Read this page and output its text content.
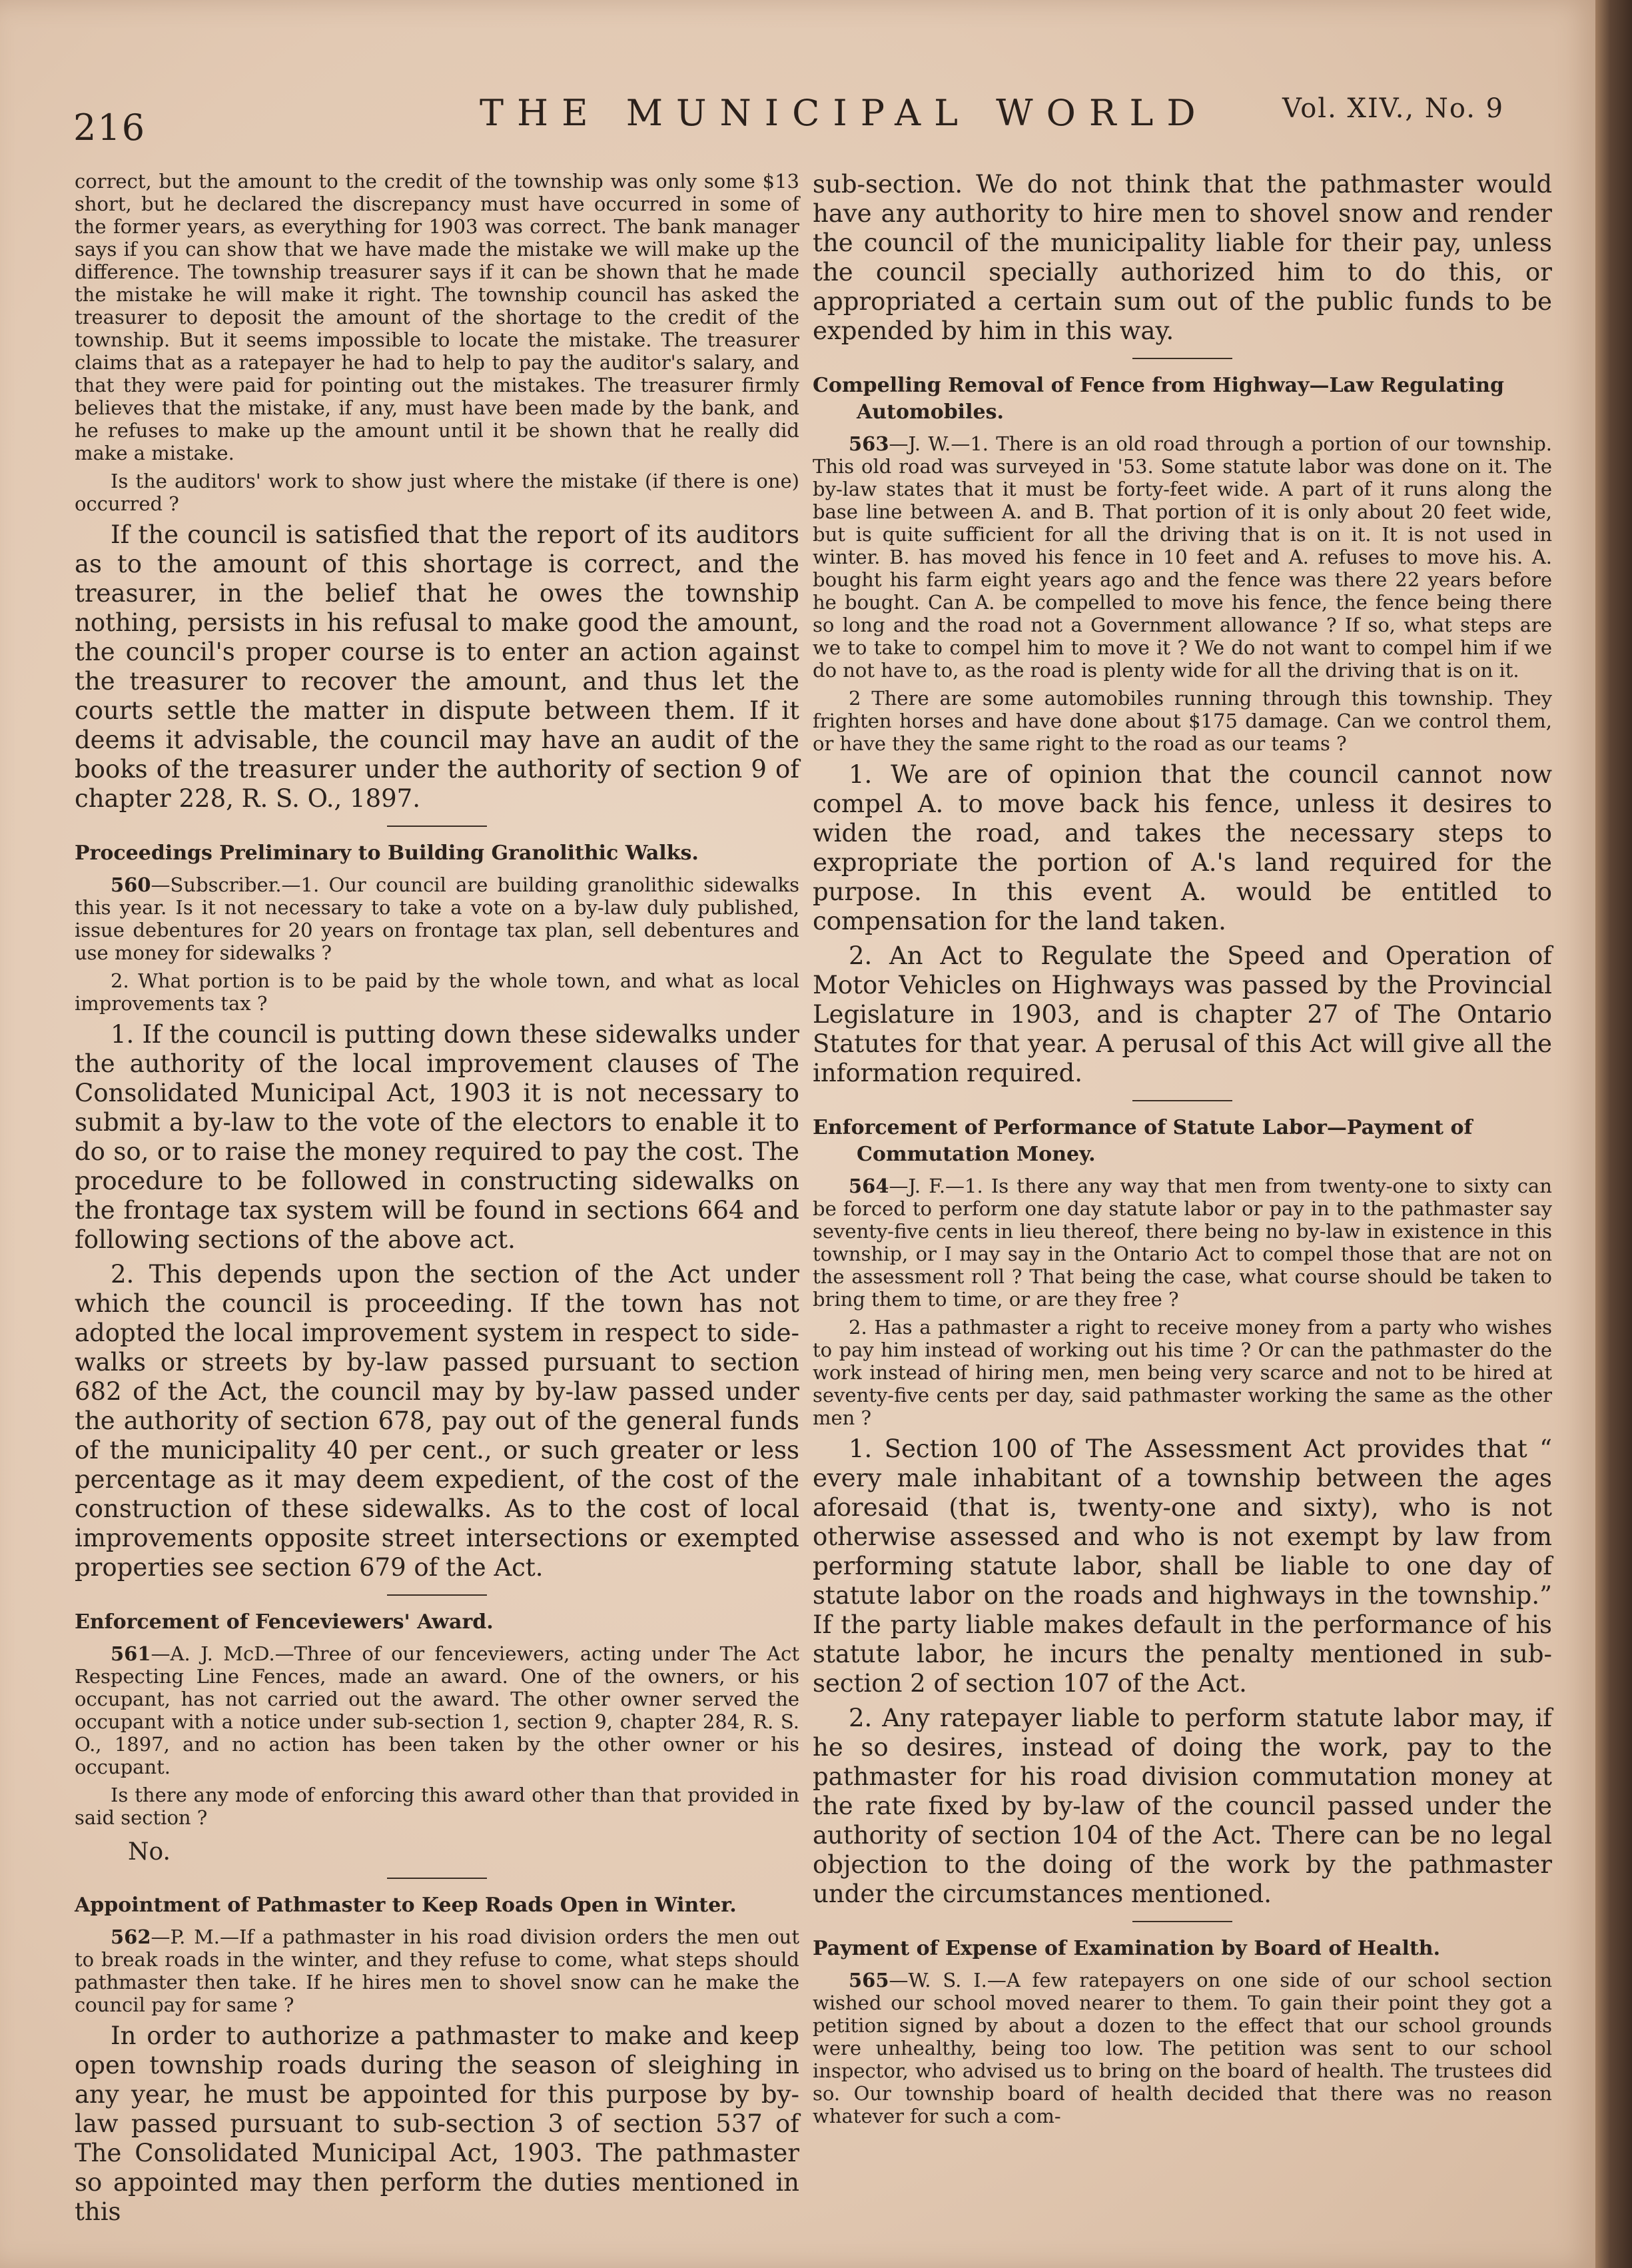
216	THE MUNICIPAL WORLD	Vol. XIV., No. 9

correct, but the amount to the credit of the township was only some $13 short, but he declared the discrepancy must have occurred in some of the former years, as everything for 1903 was correct. The bank manager says if you can show that we have made the mistake we will make up the difference. The township treasurer says if it can be shown that he made the mistake he will make it right. The township council has asked the treasurer to deposit the amount of the shortage to the credit of the township. But it seems impossible to locate the mistake. The treasurer claims that as a ratepayer he had to help to pay the auditor's salary, and that they were paid for pointing out the mistakes. The treasurer firmly believes that the mistake, if any, must have been made by the bank, and he refuses to make up the amount until it be shown that he really did make a mistake.

Is the auditors' work to show just where the mistake (if there is one) occurred ?

If the council is satisfied that the report of its auditors as to the amount of this shortage is correct, and the treasurer, in the belief that he owes the township nothing, persists in his refusal to make good the amount, the council's proper course is to enter an action against the treasurer to recover the amount, and thus let the courts settle the matter in dispute between them. If it deems it advisable, the council may have an audit of the books of the treasurer under the authority of section 9 of chapter 228, R. S. O., 1897.

Proceedings Preliminary to Building Granolithic Walks.

560—Subscriber.—1. Our council are building granolithic sidewalks this year. Is it not necessary to take a vote on a by-law duly published, issue debentures for 20 years on frontage tax plan, sell debentures and use money for sidewalks ?

2. What portion is to be paid by the whole town, and what as local improvements tax ?

1. If the council is putting down these sidewalks under the authority of the local improvement clauses of The Consolidated Municipal Act, 1903 it is not necessary to submit a by-law to the vote of the electors to enable it to do so, or to raise the money required to pay the cost. The procedure to be followed in constructing sidewalks on the frontage tax system will be found in sections 664 and following sections of the above act.

2. This depends upon the section of the Act under which the council is proceeding. If the town has not adopted the local improvement system in respect to side-walks or streets by by-law passed pursuant to section 682 of the Act, the council may by by-law passed under the authority of section 678, pay out of the general funds of the municipality 40 per cent., or such greater or less percentage as it may deem expedient, of the cost of the construction of these sidewalks. As to the cost of local improvements opposite street intersections or exempted properties see section 679 of the Act.

Enforcement of Fenceviewers' Award.

561—A. J. McD.—Three of our fenceviewers, acting under The Act Respecting Line Fences, made an award. One of the owners, or his occupant, has not carried out the award. The other owner served the occupant with a notice under sub-section 1, section 9, chapter 284, R. S. O., 1897, and no action has been taken by the other owner or his occupant.

Is there any mode of enforcing this award other than that provided in said section ?

No.

Appointment of Pathmaster to Keep Roads Open in Winter.

562—P. M.—If a pathmaster in his road division orders the men out to break roads in the winter, and they refuse to come, what steps should pathmaster then take. If he hires men to shovel snow can he make the council pay for same ?

In order to authorize a pathmaster to make and keep open township roads during the season of sleighing in any year, he must be appointed for this purpose by by-law passed pursuant to sub-section 3 of section 537 of The Consolidated Municipal Act, 1903. The pathmaster so appointed may then perform the duties mentioned in this

sub-section. We do not think that the pathmaster would have any authority to hire men to shovel snow and render the council of the municipality liable for their pay, unless the council specially authorized him to do this, or appropriated a certain sum out of the public funds to be expended by him in this way.

Compelling Removal of Fence from Highway—Law Regulating
Automobiles.

563—J. W.—1. There is an old road through a portion of our township. This old road was surveyed in '53. Some statute labor was done on it. The by-law states that it must be forty-feet wide. A part of it runs along the base line between A. and B. That portion of it is only about 20 feet wide, but is quite sufficient for all the driving that is on it. It is not used in winter. B. has moved his fence in 10 feet and A. refuses to move his. A. bought his farm eight years ago and the fence was there 22 years before he bought. Can A. be compelled to move his fence, the fence being there so long and the road not a Government allowance ? If so, what steps are we to take to compel him to move it ? We do not want to compel him if we do not have to, as the road is plenty wide for all the driving that is on it.

2 There are some automobiles running through this township. They frighten horses and have done about $175 damage. Can we control them, or have they the same right to the road as our teams ?

1. We are of opinion that the council cannot now compel A. to move back his fence, unless it desires to widen the road, and takes the necessary steps to expropriate the portion of A.'s land required for the purpose. In this event A. would be entitled to compensation for the land taken.

2. An Act to Regulate the Speed and Operation of Motor Vehicles on Highways was passed by the Provincial Legislature in 1903, and is chapter 27 of The Ontario Statutes for that year. A perusal of this Act will give all the information required.

Enforcement of Performance of Statute Labor—Payment of
Commutation Money.

564—J. F.—1. Is there any way that men from twenty-one to sixty can be forced to perform one day statute labor or pay in to the pathmaster say seventy-five cents in lieu thereof, there being no by-law in existence in this township, or I may say in the Ontario Act to compel those that are not on the assessment roll ? That being the case, what course should be taken to bring them to time, or are they free ?

2. Has a pathmaster a right to receive money from a party who wishes to pay him instead of working out his time ? Or can the pathmaster do the work instead of hiring men, men being very scarce and not to be hired at seventy-five cents per day, said pathmaster working the same as the other men ?

1. Section 100 of The Assessment Act provides that “ every male inhabitant of a township between the ages aforesaid (that is, twenty-one and sixty), who is not otherwise assessed and who is not exempt by law from performing statute labor, shall be liable to one day of statute labor on the roads and highways in the township.” If the party liable makes default in the performance of his statute labor, he incurs the penalty mentioned in sub-section 2 of section 107 of the Act.

2. Any ratepayer liable to perform statute labor may, if he so desires, instead of doing the work, pay to the pathmaster for his road division commutation money at the rate fixed by by-law of the council passed under the authority of section 104 of the Act. There can be no legal objection to the doing of the work by the pathmaster under the circumstances mentioned.

Payment of Expense of Examination by Board of Health.

565—W. S. I.—A few ratepayers on one side of our school section wished our school moved nearer to them. To gain their point they got a petition signed by about a dozen to the effect that our school grounds were unhealthy, being too low. The petition was sent to our school inspector, who advised us to bring on the board of health. The trustees did so. Our township board of health decided that there was no reason whatever for such a com-
